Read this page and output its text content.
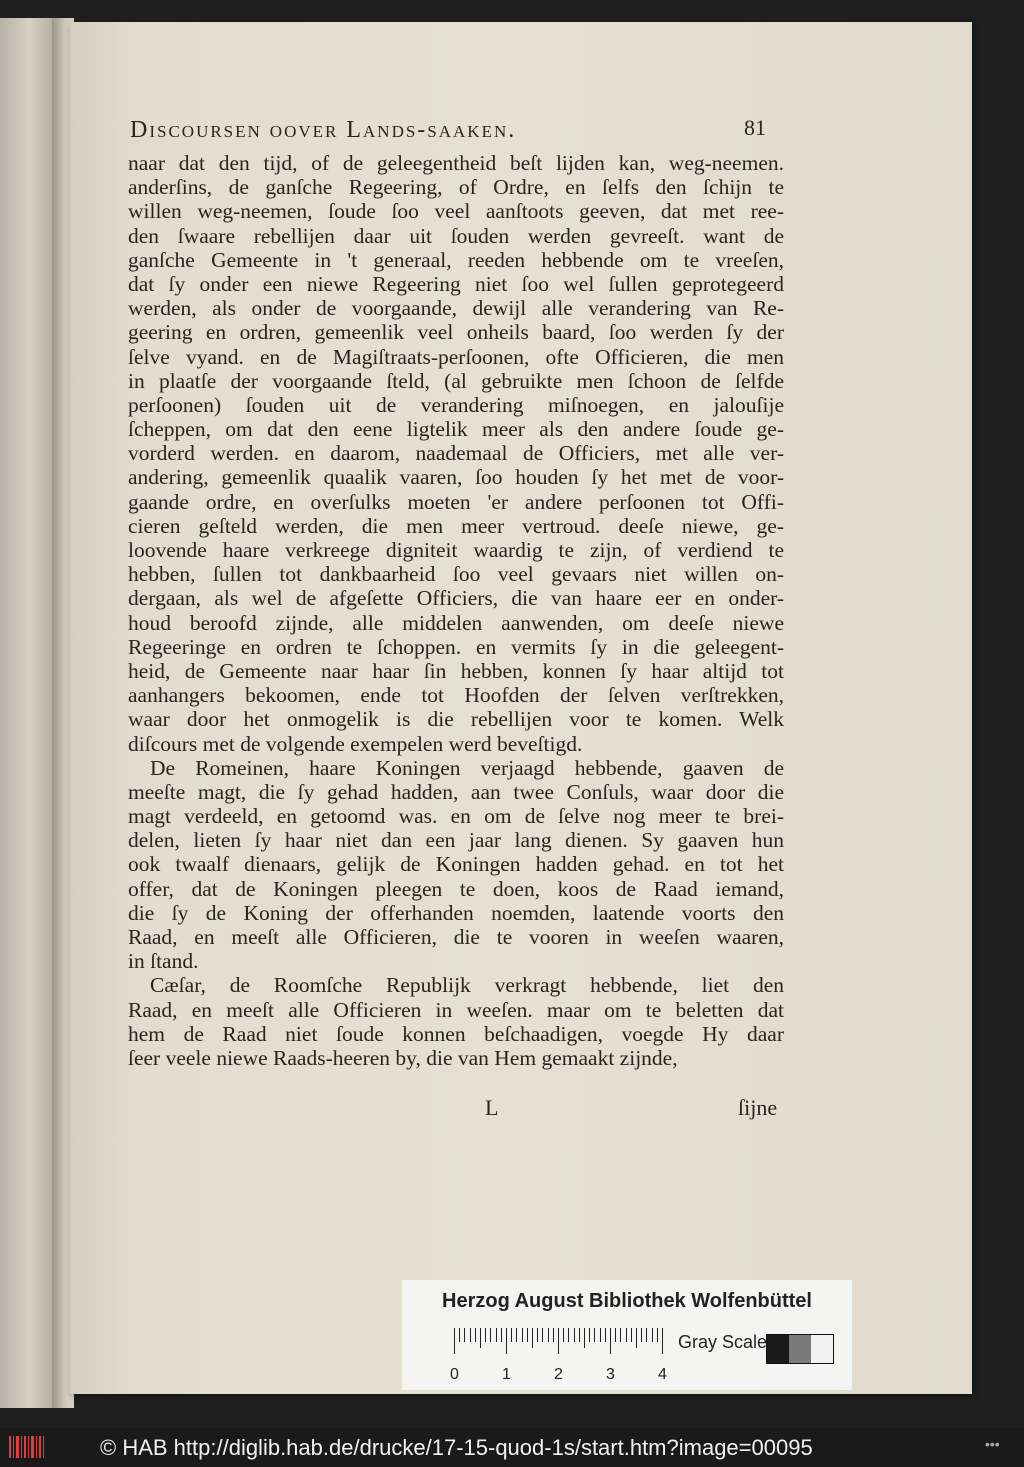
Discoursen oover Lands-saaken.	81
naar dat den tijd, of de geleegentheid beſt lijden kan, weg-neemen.
anderſins, de ganſche Regeering, of Ordre, en ſelfs den ſchijn te
willen weg-neemen, ſoude ſoo veel aanſtoots geeven, dat met ree-
den ſwaare rebellijen daar uit ſouden werden gevreeſt. want de
ganſche Gemeente in 't generaal, reeden hebbende om te vreeſen,
dat ſy onder een niewe Regeering niet ſoo wel ſullen geprotegeerd
werden, als onder de voorgaande, dewijl alle verandering van Re-
geering en ordren, gemeenlik veel onheils baard, ſoo werden ſy der
ſelve vyand. en de Magiſtraats-perſoonen, ofte Officieren, die men
in plaatſe der voorgaande ſteld, (al gebruikte men ſchoon de ſelfde
perſoonen) ſouden uit de verandering miſnoegen, en jalouſije
ſcheppen, om dat den eene ligtelik meer als den andere ſoude ge-
vorderd werden. en daarom, naademaal de Officiers, met alle ver-
andering, gemeenlik quaalik vaaren, ſoo houden ſy het met de voor-
gaande ordre, en overſulks moeten 'er andere perſoonen tot Offi-
cieren geſteld werden, die men meer vertroud. deeſe niewe, ge-
loovende haare verkreege digniteit waardig te zijn, of verdiend te
hebben, ſullen tot dankbaarheid ſoo veel gevaars niet willen on-
dergaan, als wel de afgeſette Officiers, die van haare eer en onder-
houd beroofd zijnde, alle middelen aanwenden, om deeſe niewe
Regeeringe en ordren te ſchoppen. en vermits ſy in die geleegent-
heid, de Gemeente naar haar ſin hebben, konnen ſy haar altijd tot
aanhangers bekoomen, ende tot Hoofden der ſelven verſtrekken,
waar door het onmogelik is die rebellijen voor te komen. Welk
diſcours met de volgende exempelen werd beveſtigd.
De Romeinen, haare Koningen verjaagd hebbende, gaaven de
meeſte magt, die ſy gehad hadden, aan twee Conſuls, waar door die
magt verdeeld, en getoomd was. en om de ſelve nog meer te brei-
delen, lieten ſy haar niet dan een jaar lang dienen. Sy gaaven hun
ook twaalf dienaars, gelijk de Koningen hadden gehad. en tot het
offer, dat de Koningen pleegen te doen, koos de Raad iemand,
die ſy de Koning der offerhanden noemden, laatende voorts den
Raad, en meeſt alle Officieren, die te vooren in weeſen waaren,
in ſtand.
Cæſar, de Roomſche Republijk verkragt hebbende, liet den
Raad, en meeſt alle Officieren in weeſen. maar om te beletten dat
hem de Raad niet ſoude konnen beſchaadigen, voegde Hy daar
ſeer veele niewe Raads-heeren by, die van Hem gemaakt zijnde,
L	ſijne
Herzog August Bibliothek Wolfenbüttel
0	1	2	3	4
Gray Scale
© HAB http://diglib.hab.de/drucke/17-15-quod-1s/start.htm?image=00095	•••
